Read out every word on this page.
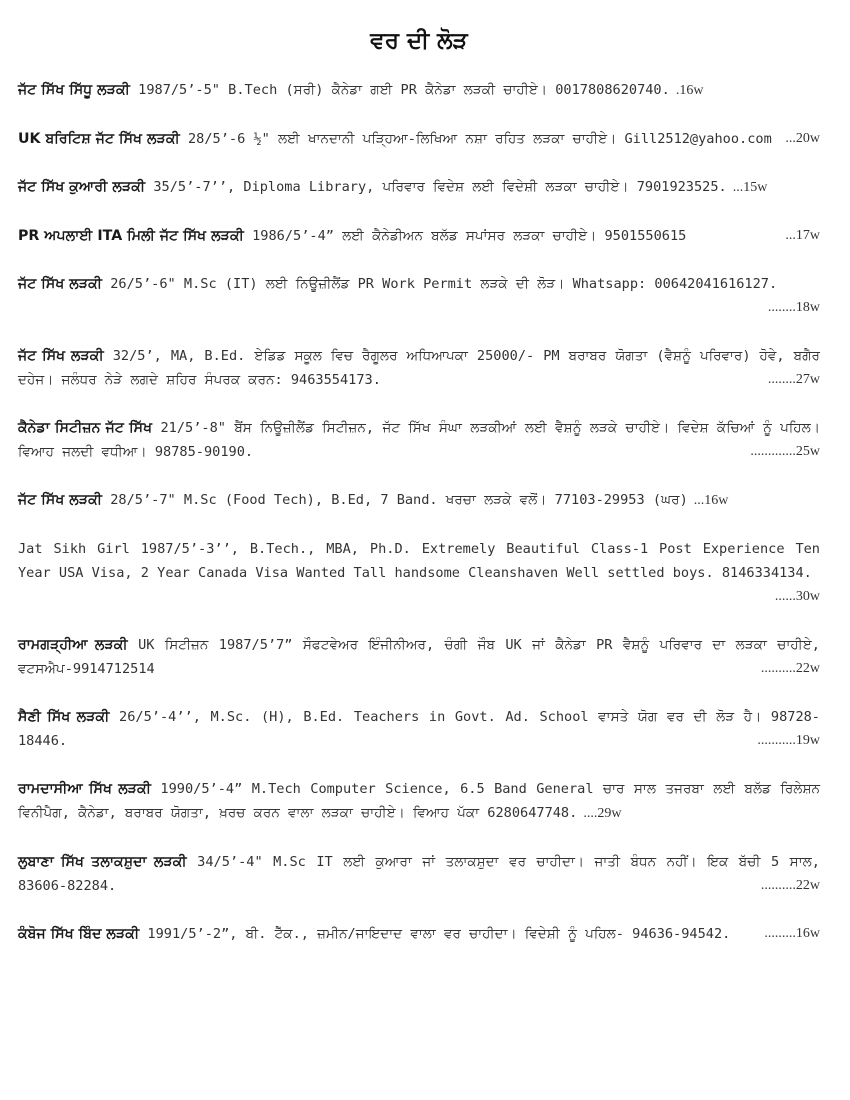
ਵਰ ਦੀ ਲੋੜ

ਜੱਟ ਸਿੱਖ ਸਿੱਧੂ ਲੜਕੀ 1987/5’-5" B.Tech (ਸਰੀ) ਕੈਨੇਡਾ ਗਈ PR ਕੈਨੇਡਾ ਲੜਕੀ ਚਾਹੀਏ। 0017808620740. .16w

UK ਬਰਿਟਿਸ਼ ਜੱਟ ਸਿੱਖ ਲੜਕੀ 28/5’-6 ½" ਲਈ ਖਾਨਦਾਨੀ ਪੜ੍ਹਿਆ-ਲਿਖਿਆ ਨਸ਼ਾ ਰਹਿਤ ਲੜਕਾ ਚਾਹੀਏ। Gill2512@yahoo.com ...20w

ਜੱਟ ਸਿੱਖ ਕੁਆਰੀ ਲੜਕੀ 35/5’-7’’, Diploma Library, ਪਰਿਵਾਰ ਵਿਦੇਸ਼ ਲਈ ਵਿਦੇਸ਼ੀ ਲੜਕਾ ਚਾਹੀਏ। 7901923525. ...15w

PR ਅਪਲਾਈ ITA ਮਿਲੀ ਜੱਟ ਸਿੱਖ ਲੜਕੀ 1986/5’-4” ਲਈ ਕੈਨੇਡੀਅਨ ਬਲੱਡ ਸਪਾਂਸਰ ਲੜਕਾ ਚਾਹੀਏ। 9501550615	...17w

ਜੱਟ ਸਿੱਖ ਲੜਕੀ 26/5’-6" M.Sc (IT) ਲਈ ਨਿਊਜ਼ੀਲੈਂਡ PR Work Permit ਲੜਕੇ ਦੀ ਲੋੜ। Whatsapp: 00642041616127.
........18w

ਜੱਟ ਸਿੱਖ ਲੜਕੀ 32/5’, MA, B.Ed. ਏਡਿਡ ਸਕੂਲ ਵਿਚ ਰੈਗੂਲਰ ਅਧਿਆਪਕਾ 25000/- PM ਬਰਾਬਰ ਯੋਗਤਾ (ਵੈਸ਼ਨੂੰ ਪਰਿਵਾਰ) ਹੋਵੇ, ਬਗੈਰ ਦਹੇਜ। ਜਲੰਧਰ ਨੇੜੇ ਲਗਦੇ ਸ਼ਹਿਰ ਸੰਪਰਕ ਕਰਨ: 9463554173.	........27w

ਕੈਨੇਡਾ ਸਿਟੀਜ਼ਨ ਜੱਟ ਸਿੱਖ 21/5’-8" ਬੈਂਸ ਨਿਊਜ਼ੀਲੈਂਡ ਸਿਟੀਜ਼ਨ, ਜੱਟ ਸਿੱਖ ਸੰਘਾ ਲੜਕੀਆਂ ਲਈ ਵੈਸ਼ਨੂੰ ਲੜਕੇ ਚਾਹੀਏ। ਵਿਦੇਸ਼ ਕੱਚਿਆਂ ਨੂੰ ਪਹਿਲ। ਵਿਆਹ ਜਲਦੀ ਵਧੀਆ। 98785-90190.	.............25w

ਜੱਟ ਸਿੱਖ ਲੜਕੀ 28/5’-7" M.Sc (Food Tech), B.Ed, 7 Band. ਖਰਚਾ ਲੜਕੇ ਵਲੋਂ। 77103-29953 (ਘਰ) ...16w

Jat Sikh Girl 1987/5’-3’’, B.Tech., MBA, Ph.D. Extremely Beautiful Class-1 Post Experience Ten Year USA Visa, 2 Year Canada Visa Wanted Tall handsome Cleanshaven Well settled boys. 8146334134.
......30w

ਰਾਮਗੜ੍ਹੀਆ ਲੜਕੀ UK ਸਿਟੀਜ਼ਨ 1987/5’7” ਸੌਫਟਵੇਅਰ ਇੰਜੀਨੀਅਰ, ਚੰਗੀ ਜੌਬ UK ਜਾਂ ਕੈਨੇਡਾ PR ਵੈਸ਼ਨੂੰ ਪਰਿਵਾਰ ਦਾ ਲੜਕਾ ਚਾਹੀਏ, ਵਟਸਐਪ-9914712514	..........22w

ਸੈਣੀ ਸਿੱਖ ਲੜਕੀ 26/5’-4’’, M.Sc. (H), B.Ed. Teachers in Govt. Ad. School ਵਾਸਤੇ ਯੋਗ ਵਰ ਦੀ ਲੋੜ ਹੈ। 98728-18446.	...........19w

ਰਾਮਦਾਸੀਆ ਸਿੱਖ ਲੜਕੀ 1990/5’-4” M.Tech Computer Science, 6.5 Band General ਚਾਰ ਸਾਲ ਤਜਰਬਾ ਲਈ ਬਲੱਡ ਰਿਲੇਸ਼ਨ ਵਿਨੀਪੈਗ, ਕੈਨੇਡਾ, ਬਰਾਬਰ ਯੋਗਤਾ, ਖ਼ਰਚ ਕਰਨ ਵਾਲਾ ਲੜਕਾ ਚਾਹੀਏ। ਵਿਆਹ ਪੱਕਾ 6280647748. ....29w

ਲੁਬਾਣਾ ਸਿੱਖ ਤਲਾਕਸ਼ੁਦਾ ਲੜਕੀ 34/5’-4" M.Sc IT ਲਈ ਕੁਆਰਾ ਜਾਂ ਤਲਾਕਸ਼ੁਦਾ ਵਰ ਚਾਹੀਦਾ। ਜਾਤੀ ਬੰਧਨ ਨਹੀਂ। ਇਕ ਬੱਚੀ 5 ਸਾਲ, 83606-82284.	..........22w

ਕੰਬੋਜ ਸਿੱਖ ਬਿੰਦ ਲੜਕੀ 1991/5’-2”, ਬੀ. ਟੈੱਕ., ਜ਼ਮੀਨ/ਜਾਇਦਾਦ ਵਾਲਾ ਵਰ ਚਾਹੀਦਾ। ਵਿਦੇਸ਼ੀ ਨੂੰ ਪਹਿਲ- 94636-94542. .........16w
